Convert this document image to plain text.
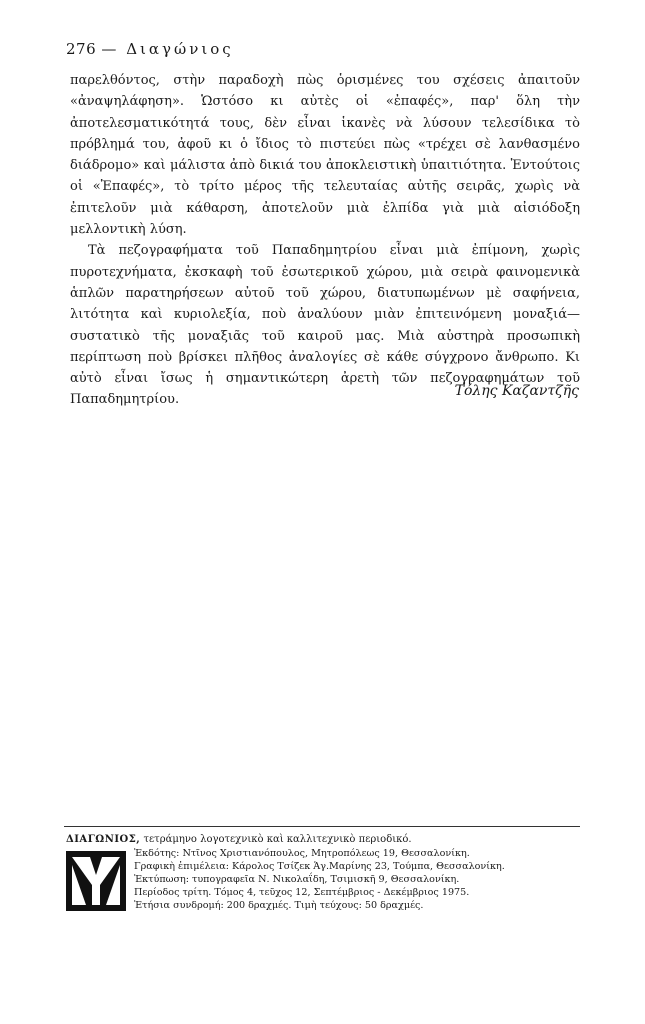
276 — Διαγώνιος

παρελθόντος, στὴν παραδοχὴ πὼς ὁρισμένες του σχέσεις ἀπαιτοῦν «ἀναψηλάφηση». Ὡστόσο κι αὐτὲς οἱ «ἐπαφές», παρ' ὅλη τὴν ἀποτελεσματικότητά τους, δὲν εἶναι ἱκανὲς νὰ λύσουν τελεσίδικα τὸ πρόβλημά του, ἀφοῦ κι ὁ ἴδιος τὸ πιστεύει πὼς «τρέχει σὲ λανθασμένο διάδρομο» καὶ μάλιστα ἀπὸ δικιά του ἀποκλειστικὴ ὑπαιτιότητα. Ἐντούτοις οἱ «Ἐπαφές», τὸ τρίτο μέρος τῆς τελευταίας αὐτῆς σειρᾶς, χωρὶς νὰ ἐπιτελοῦν μιὰ κάθαρση, ἀποτελοῦν μιὰ ἐλπίδα γιὰ μιὰ αἰσιόδοξη μελλοντικὴ λύση.

Τὰ πεζογραφήματα τοῦ Παπαδημητρίου εἶναι μιὰ ἐπίμονη, χωρὶς πυροτεχνήματα, ἐκσκαφὴ τοῦ ἐσωτερικοῦ χώρου, μιὰ σειρὰ φαινομενικὰ ἁπλῶν παρατηρήσεων αὐτοῦ τοῦ χώρου, διατυπωμένων μὲ σαφήνεια, λιτότητα καὶ κυριολεξία, ποὺ ἀναλύουν μιὰν ἐπιτεινόμενη μοναξιά—συστατικὸ τῆς μοναξιᾶς τοῦ καιροῦ μας. Μιὰ αὐστηρὰ προσωπικὴ περίπτωση ποὺ βρίσκει πλῆθος ἀναλογίες σὲ κάθε σύγχρονο ἄνθρωπο. Κι αὐτὸ εἶναι ἴσως ἡ σημαντικώτερη ἀρετὴ τῶν πεζογραφημάτων τοῦ Παπαδημητρίου.

Τόλης Καζαντζῆς
ΔΙΑΓΩΝΙΟΣ, τετράμηνο λογοτεχνικὸ καὶ καλλιτεχνικὸ περιοδικό.
Ἐκδότης: Ντῖνος Χριστιανόπουλος, Μητροπόλεως 19, Θεσσαλονίκη.
Γραφικὴ ἐπιμέλεια: Κάρολος Τσίζεκ Ἁγ.Μαρίνης 23, Τούμπα, Θεσσαλονίκη.
Ἐκτύπωση: τυπογραφεῖα Ν. Νικολαΐδη, Τσιμισκῆ 9, Θεσσαλονίκη.
Περίοδος τρίτη. Τόμος 4, τεῦχος 12, Σεπτέμβριος - Δεκέμβριος 1975.
Ἐτήσια συνδρομή: 200 δραχμές. Τιμὴ τεύχους: 50 δραχμές.
